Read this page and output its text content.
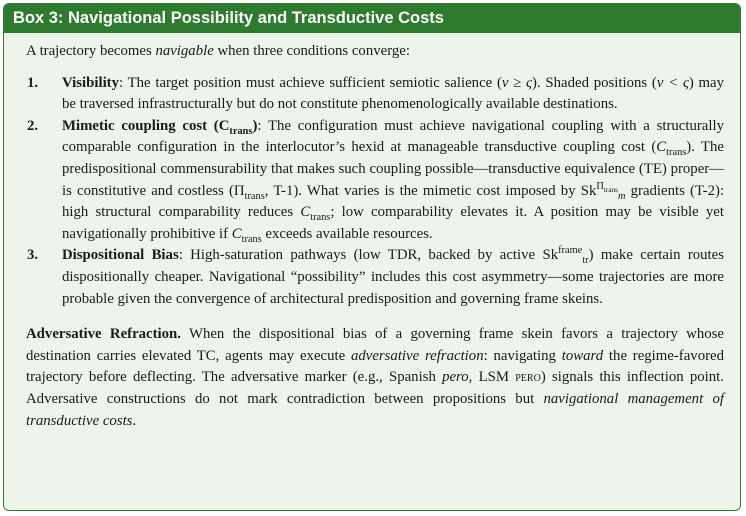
Box 3: Navigational Possibility and Transductive Costs

A trajectory becomes navigable when three conditions converge:

1. Visibility: The target position must achieve sufficient semiotic salience (ν ≥ ς). Shaded positions (ν < ς) may be traversed infrastructurally but do not constitute phenomenologically available destinations.
2. Mimetic coupling cost $(C_{trans})$: The configuration must achieve navigational coupling with a structurally comparable configuration in the interlocutor’s hexid at manageable transductive coupling cost $(C_{trans})$. The predispositional commensurability that makes such coupling possible—transductive equivalence (TE) proper—is constitutive and costless ($\Pi_{trans}$, T-1). What varies is the mimetic cost imposed by $Sk^{\Pi_{trans}}_m$ gradients (T-2): high structural comparability reduces $C_{trans}$; low comparability elevates it. A position may be visible yet navigationally prohibitive if $C_{trans}$ exceeds available resources.
3. Dispositional Bias: High-saturation pathways (low TDR, backed by active $Sk^{frame}_{tr}$) make certain routes dispositionally cheaper. Navigational “possibility” includes this cost asymmetry—some trajectories are more probable given the convergence of architectural predisposition and governing frame skeins.

Adversative Refraction. When the dispositional bias of a governing frame skein favors a trajectory whose destination carries elevated TC, agents may execute adversative refraction: navigating toward the regime-favored trajectory before deflecting. The adversative marker (e.g., Spanish pero, LSM pero) signals this inflection point. Adversative constructions do not mark contradiction between propositions but navigational management of transductive costs.
